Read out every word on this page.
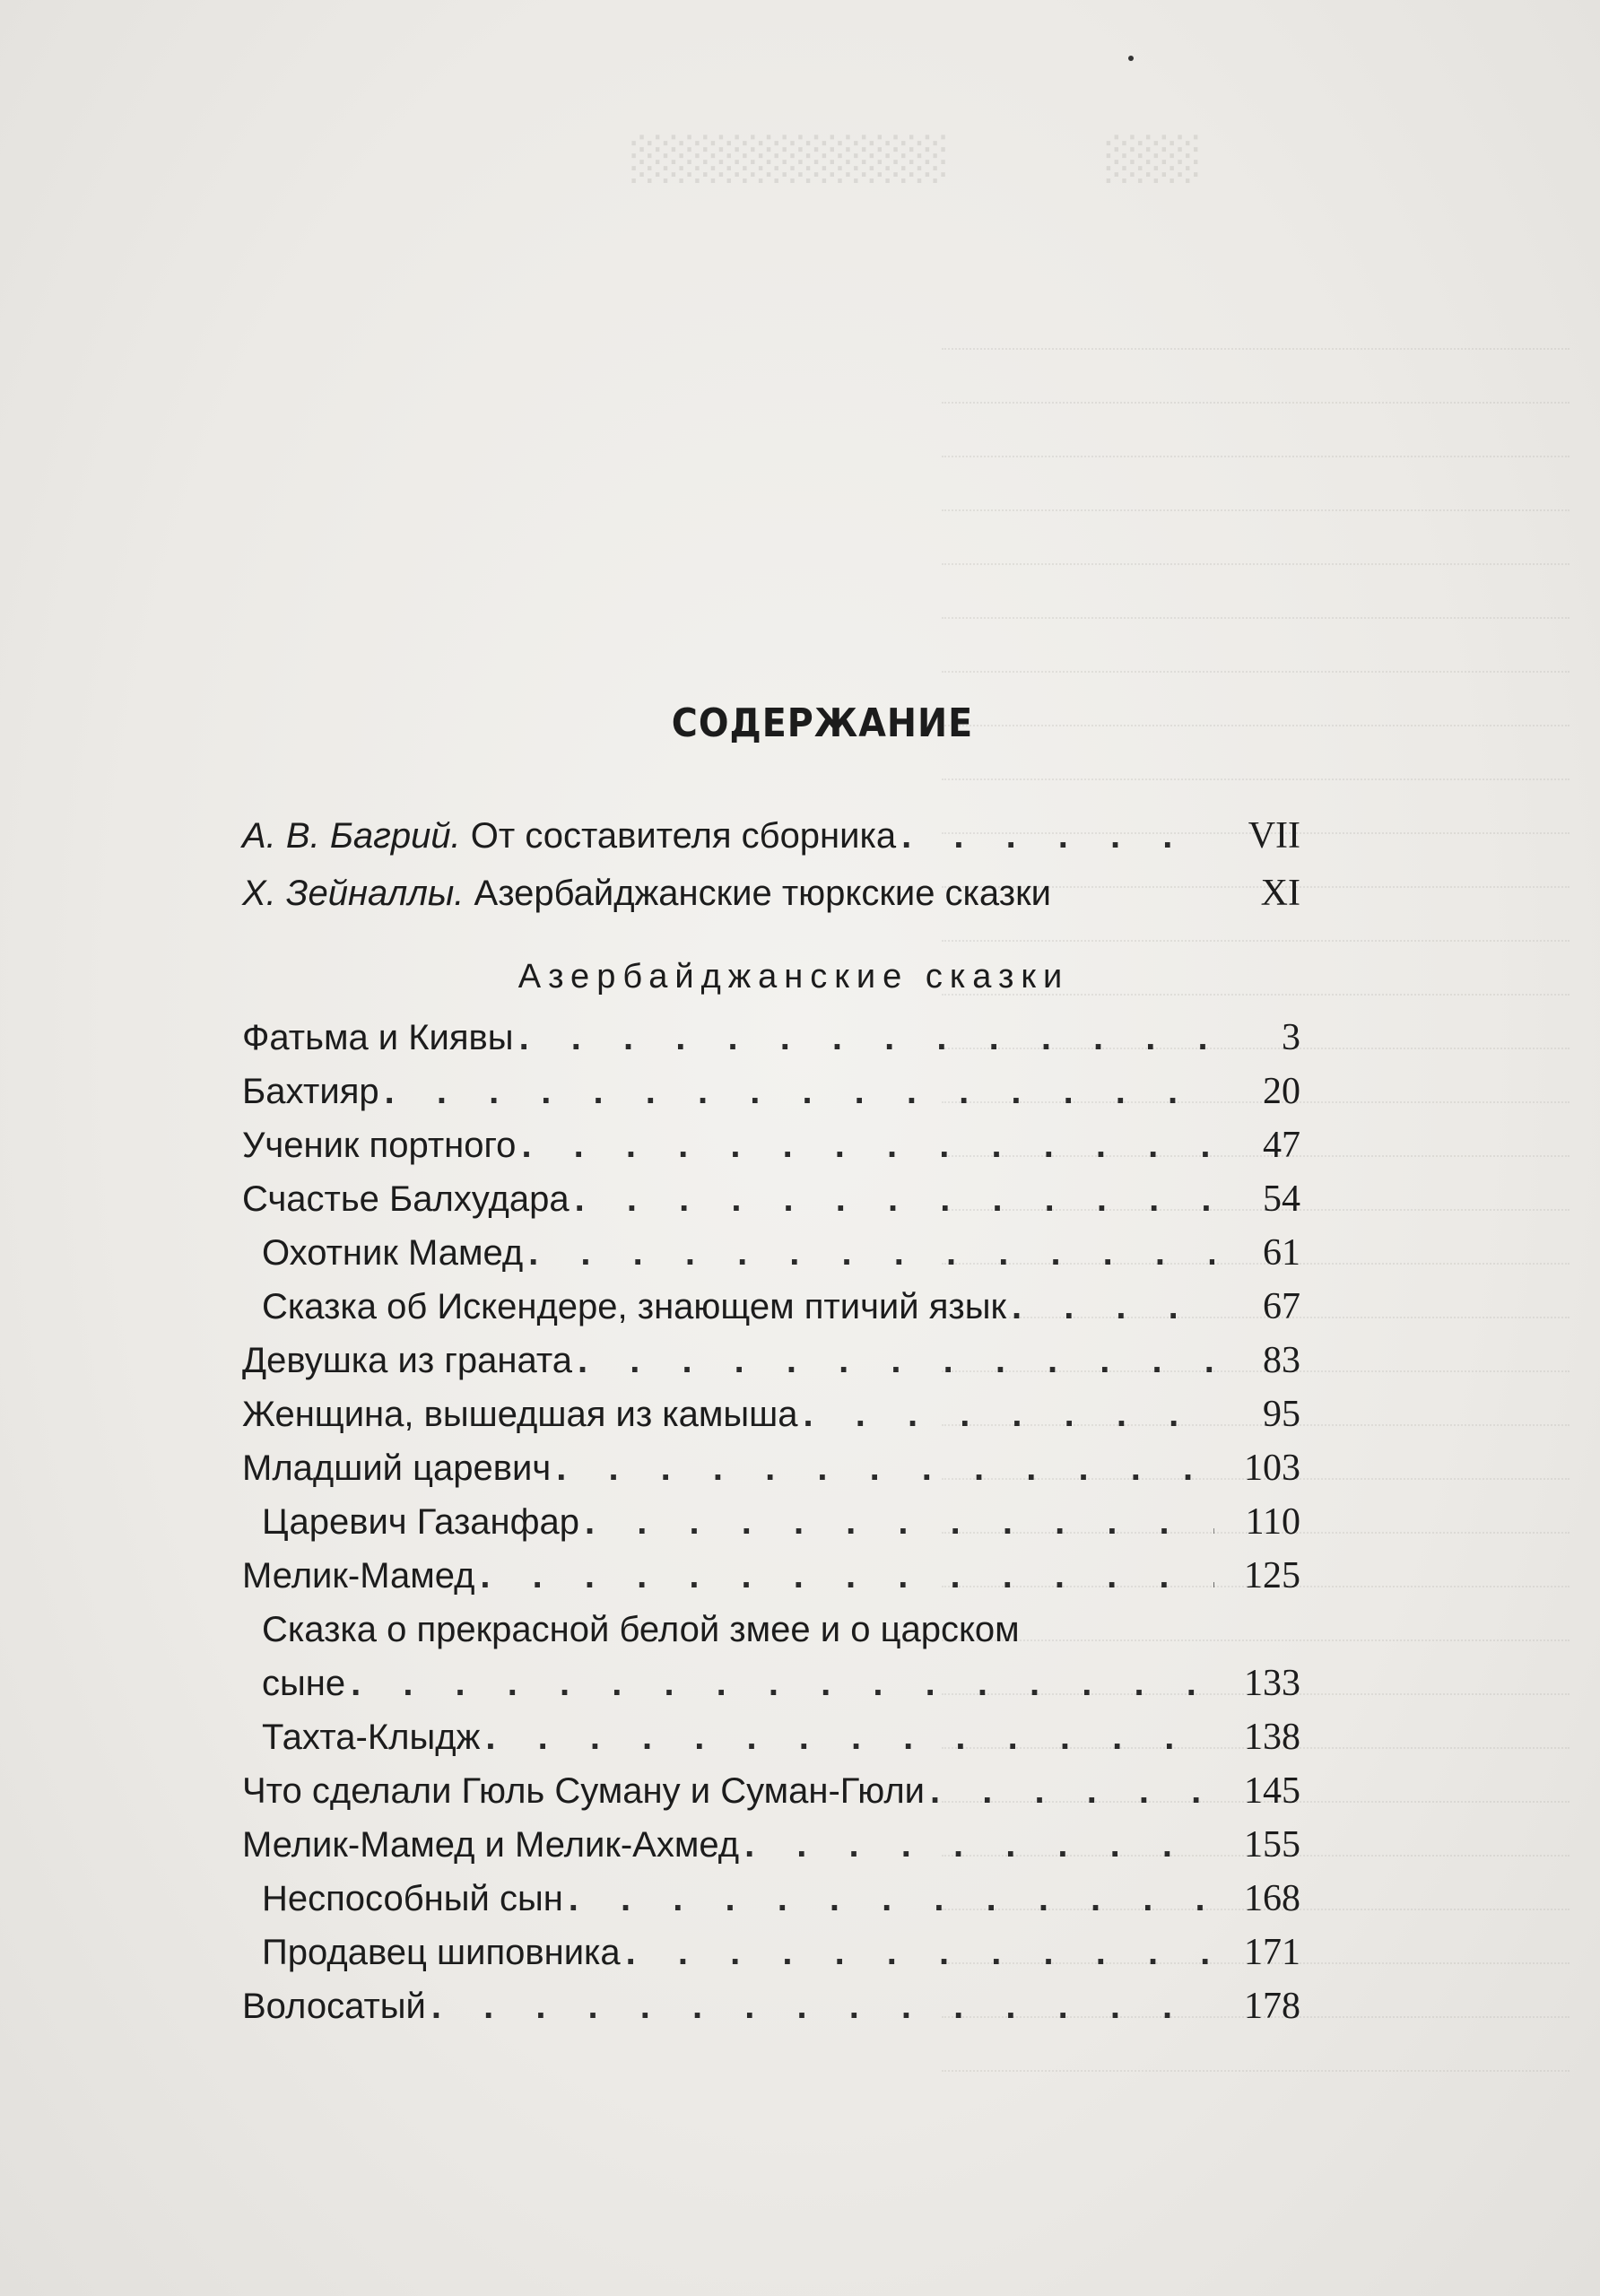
░░░            ░░░░░░░░░░
СОДЕРЖАНИЕ
А. В. Багрий. От составителя сборника . . .	VII
Х. Зейналлы. Азербайджанские тюркские сказки	XI
Азербайджанские сказки
Фатьма и Киявы . . .	3
Бахтияр . . .	20
Ученик портного . . .	47
Счастье Балхудара . . .	54
Охотник Мамед . . .	61
Сказка об Искендере, знающем птичий язык . . .	67
Девушка из граната . . .	83
Женщина, вышедшая из камыша . . .	95
Младший царевич . . .	103
Царевич Газанфар . . .	110
Мелик-Мамед . . .	125
Сказка о прекрасной белой змее и о царском
сыне . . .	133
Тахта-Клыдж . . .	138
Что сделали Гюль Суману и Суман-Гюли . . .	145
Мелик-Мамед и Мелик-Ахмед . . .	155
Неспособный сын . . .	168
Продавец шиповника . . .	171
Волосатый . . .	178
